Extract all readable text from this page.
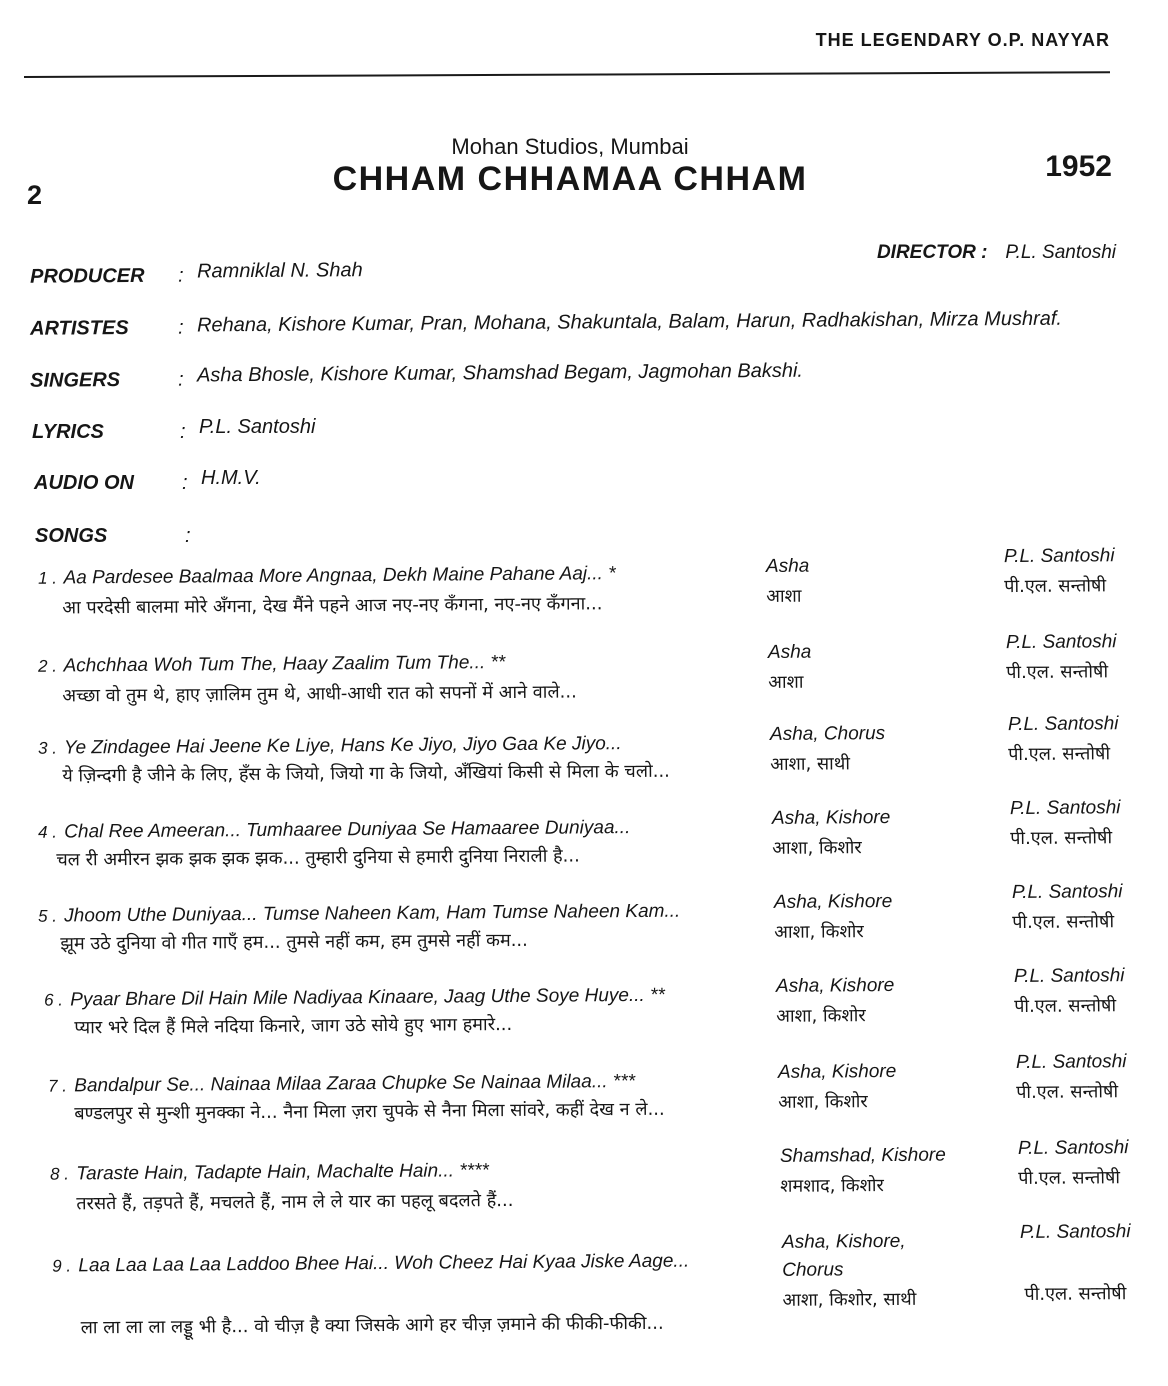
THE LEGENDARY O.P. NAYYAR
Mohan Studios, Mumbai
CHHAM CHHAMAA CHHAM
2
1952
DIRECTOR : P.L. Santoshi
PRODUCER : Ramniklal N. Shah
ARTISTES : Rehana, Kishore Kumar, Pran, Mohana, Shakuntala, Balam, Harun, Radhakishan, Mirza Mushraf.
SINGERS	: Asha Bhosle, Kishore Kumar, Shamshad Begam, Jagmohan Bakshi.
LYRICS	: P.L. Santoshi
AUDIO ON : H.M.V.
SONGS	:
1 . Aa Pardesee Baalmaa More Angnaa, Dekh Maine Pahane Aaj... *
आ परदेसी बालमा मोरे अँगना, देख मैंने पहने आज नए-नए कँगना, नए-नए कँगना...
Asha
आशा
P.L. Santoshi
पी.एल. सन्तोषी
2 . Achchhaa Woh Tum The, Haay Zaalim Tum The... **
अच्छा वो तुम थे, हाए ज़ालिम तुम थे, आधी-आधी रात को सपनों में आने वाले...
Asha
आशा
P.L. Santoshi
पी.एल. सन्तोषी
3 . Ye Zindagee Hai Jeene Ke Liye, Hans Ke Jiyo, Jiyo Gaa Ke Jiyo...
ये ज़िन्दगी है जीने के लिए, हँस के जियो, जियो गा के जियो, अँखियां किसी से मिला के चलो...
Asha, Chorus
आशा, साथी
P.L. Santoshi
पी.एल. सन्तोषी
4 . Chal Ree Ameeran... Tumhaaree Duniyaa Se Hamaaree Duniyaa...
चल री अमीरन झक झक झक झक... तुम्हारी दुनिया से हमारी दुनिया निराली है...
Asha, Kishore
आशा, किशोर
P.L. Santoshi
पी.एल. सन्तोषी
5 . Jhoom Uthe Duniyaa... Tumse Naheen Kam, Ham Tumse Naheen Kam...
झूम उठे दुनिया वो गीत गाएँ हम... तुमसे नहीं कम, हम तुमसे नहीं कम...
Asha, Kishore
आशा, किशोर
P.L. Santoshi
पी.एल. सन्तोषी
6 . Pyaar Bhare Dil Hain Mile Nadiyaa Kinaare, Jaag Uthe Soye Huye... **
प्यार भरे दिल हैं मिले नदिया किनारे, जाग उठे सोये हुए भाग हमारे...
Asha, Kishore
आशा, किशोर
P.L. Santoshi
पी.एल. सन्तोषी
7 . Bandalpur Se... Nainaa Milaa Zaraa Chupke Se Nainaa Milaa... ***
बण्डलपुर से मुन्शी मुनक्का ने... नैना मिला ज़रा चुपके से नैना मिला सांवरे, कहीं देख न ले...
Asha, Kishore
आशा, किशोर
P.L. Santoshi
पी.एल. सन्तोषी
8 . Taraste Hain, Tadapte Hain, Machalte Hain... ****
तरसते हैं, तड़पते हैं, मचलते हैं, नाम ले ले यार का पहलू बदलते हैं...
Shamshad, Kishore
शमशाद, किशोर
P.L. Santoshi
पी.एल. सन्तोषी
9 . Laa Laa Laa Laa Laddoo Bhee Hai... Woh Cheez Hai Kyaa Jiske Aage...
ला ला ला ला लड्डू भी है... वो चीज़ है क्या जिसके आगे हर चीज़ ज़माने की फीकी-फीकी...
Asha, Kishore,
Chorus
आशा, किशोर, साथी
P.L. Santoshi
पी.एल. सन्तोषी
